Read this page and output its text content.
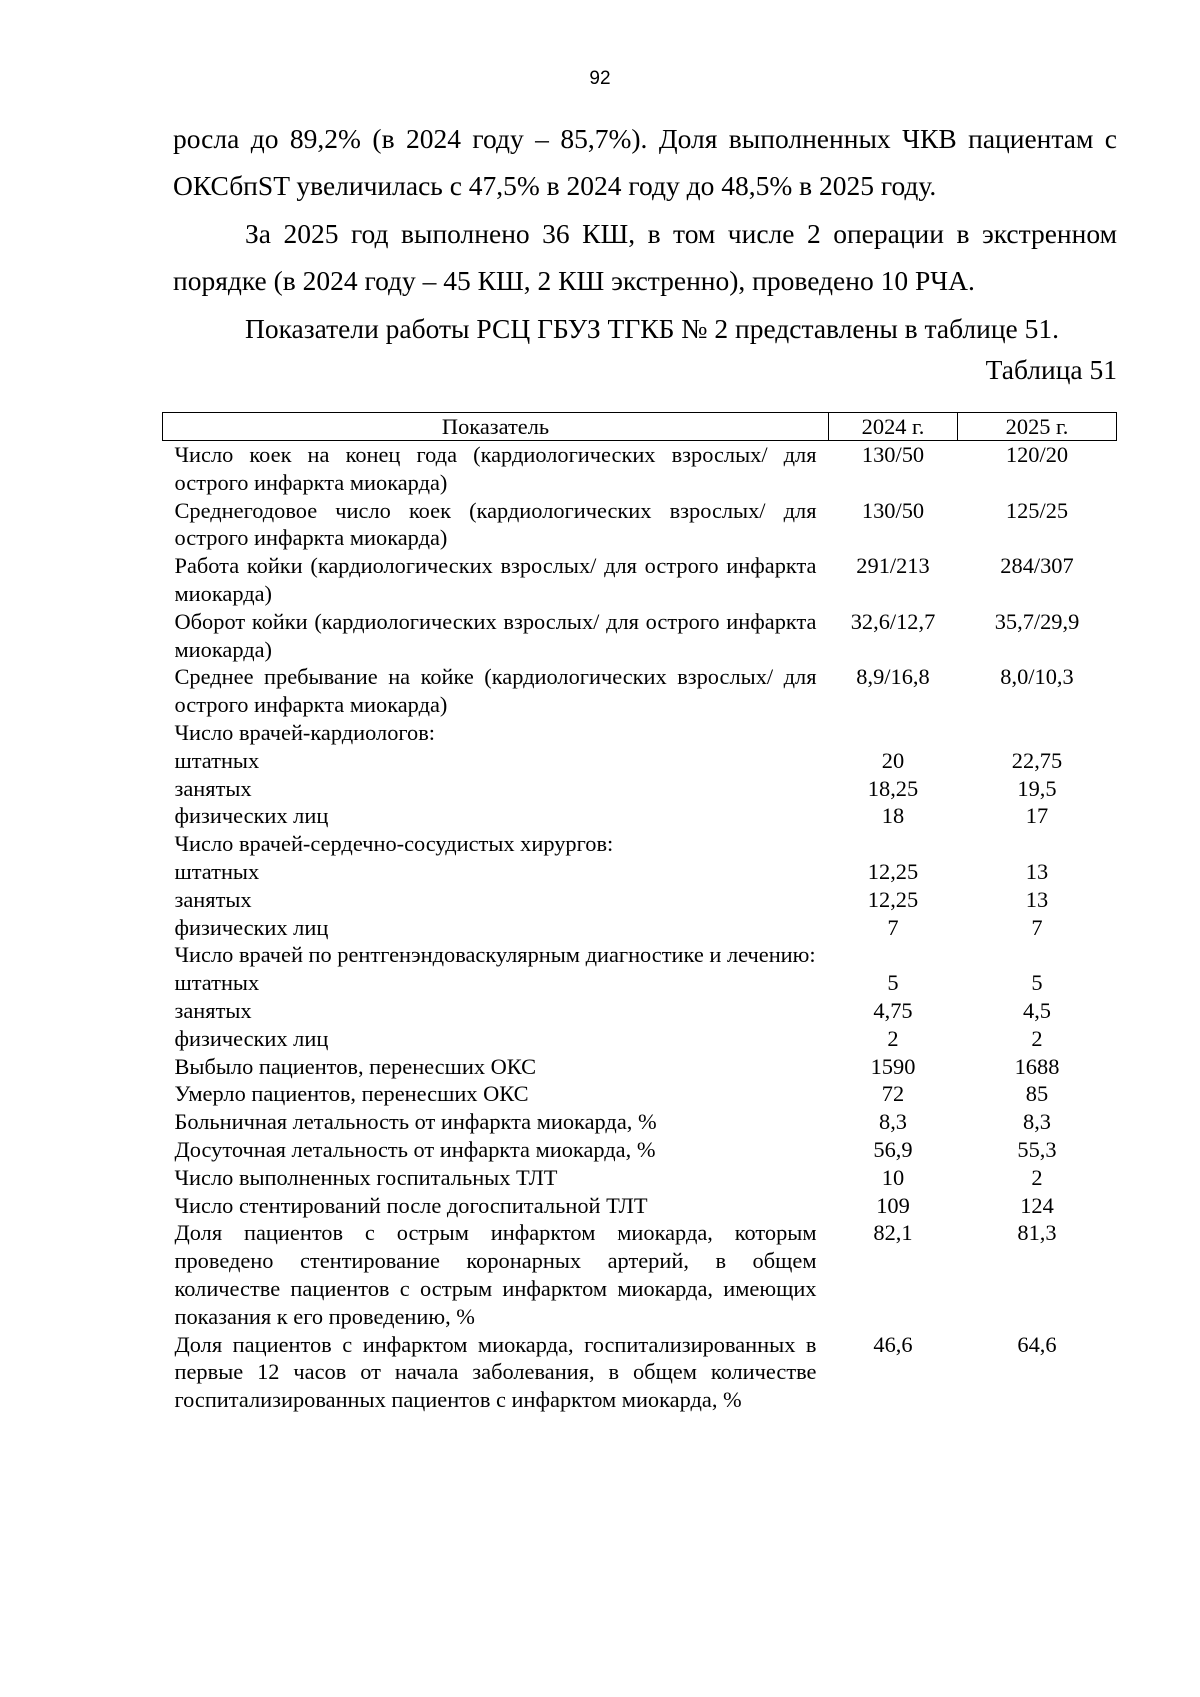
92
росла до 89,2% (в 2024 году – 85,7%). Доля выполненных ЧКВ пациентам с ОКСбпST увеличилась с 47,5% в 2024 году до 48,5% в 2025 году.
За 2025 год выполнено 36 КШ, в том числе 2 операции в экстренном порядке (в 2024 году – 45 КШ, 2 КШ экстренно), проведено 10 РЧА.
Показатели работы РСЦ ГБУЗ ТГКБ № 2 представлены в таблице 51.
Таблица 51
Показатель	2024 г.	2025 г.
Число коек на конец года (кардиологических взрослых/ для острого инфаркта миокарда)	130/50	120/20
Среднегодовое число коек (кардиологических взрослых/ для острого инфаркта миокарда)	130/50	125/25
Работа койки (кардиологических взрослых/ для острого инфаркта миокарда)	291/213	284/307
Оборот койки (кардиологических взрослых/ для острого инфаркта миокарда)	32,6/12,7	35,7/29,9
Среднее пребывание на койке (кардиологических взрослых/ для острого инфаркта миокарда)	8,9/16,8	8,0/10,3
Число врачей-кардиологов:		
штатных	20	22,75
занятых	18,25	19,5
физических лиц	18	17
Число врачей-сердечно-сосудистых хирургов:		
штатных	12,25	13
занятых	12,25	13
физических лиц	7	7
Число врачей по рентгенэндоваскулярным диагностике и лечению:		
штатных	5	5
занятых	4,75	4,5
физических лиц	2	2
Выбыло пациентов, перенесших ОКС	1590	1688
Умерло пациентов, перенесших ОКС	72	85
Больничная летальность от инфаркта миокарда, %	8,3	8,3
Досуточная летальность от инфаркта миокарда, %	56,9	55,3
Число выполненных госпитальных ТЛТ	10	2
Число стентирований после догоспитальной ТЛТ	109	124
Доля пациентов с острым инфарктом миокарда, которым проведено стентирование коронарных артерий, в общем количестве пациентов с острым инфарктом миокарда, имеющих показания к его проведению, %	82,1	81,3
Доля пациентов с инфарктом миокарда, госпитализированных в первые 12 часов от начала заболевания, в общем количестве госпитализированных пациентов с инфарктом миокарда, %	46,6	64,6
